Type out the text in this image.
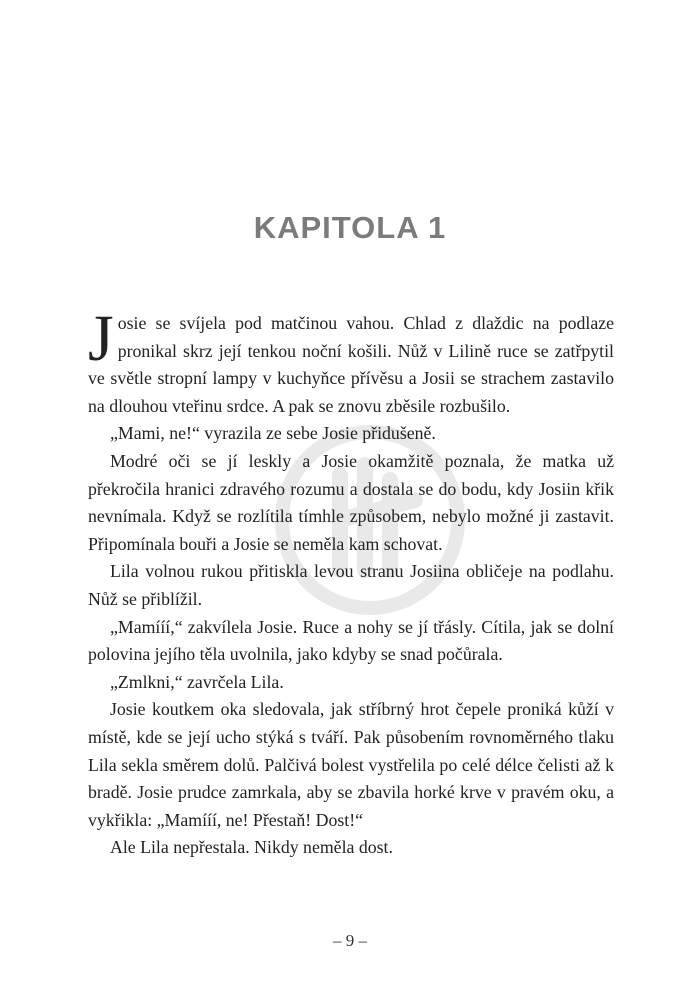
KAPITOLA 1

Josie se svíjela pod matčinou vahou. Chlad z dlaždic na podlaze pronikal skrz její tenkou noční košili. Nůž v Lilině ruce se zatřpytil ve světle stropní lampy v kuchyňce přívěsu a Josii se strachem zastavilo na dlouhou vteřinu srdce. A pak se znovu zběsile rozbušilo.

„Mami, ne!“ vyrazila ze sebe Josie přidušeně.

Modré oči se jí leskly a Josie okamžitě poznala, že matka už překročila hranici zdravého rozumu a dostala se do bodu, kdy Josiin křik nevnímala. Když se rozlítila tímhle způsobem, nebylo možné ji zastavit. Připomínala bouři a Josie se neměla kam schovat.

Lila volnou rukou přitiskla levou stranu Josiina obličeje na podlahu. Nůž se přiblížil.

„Mamííí,“ zakvílela Josie. Ruce a nohy se jí třásly. Cítila, jak se dolní polovina jejího těla uvolnila, jako kdyby se snad počůrala.

„Zmlkni,“ zavrčela Lila.

Josie koutkem oka sledovala, jak stříbrný hrot čepele proniká kůží v místě, kde se její ucho stýká s tváří. Pak působením rovnoměrného tlaku Lila sekla směrem dolů. Palčivá bolest vystřelila po celé délce čelisti až k bradě. Josie prudce zamrkala, aby se zbavila horké krve v pravém oku, a vykřikla: „Mamííí, ne! Přestaň! Dost!“

Ale Lila nepřestala. Nikdy neměla dost.

– 9 –
